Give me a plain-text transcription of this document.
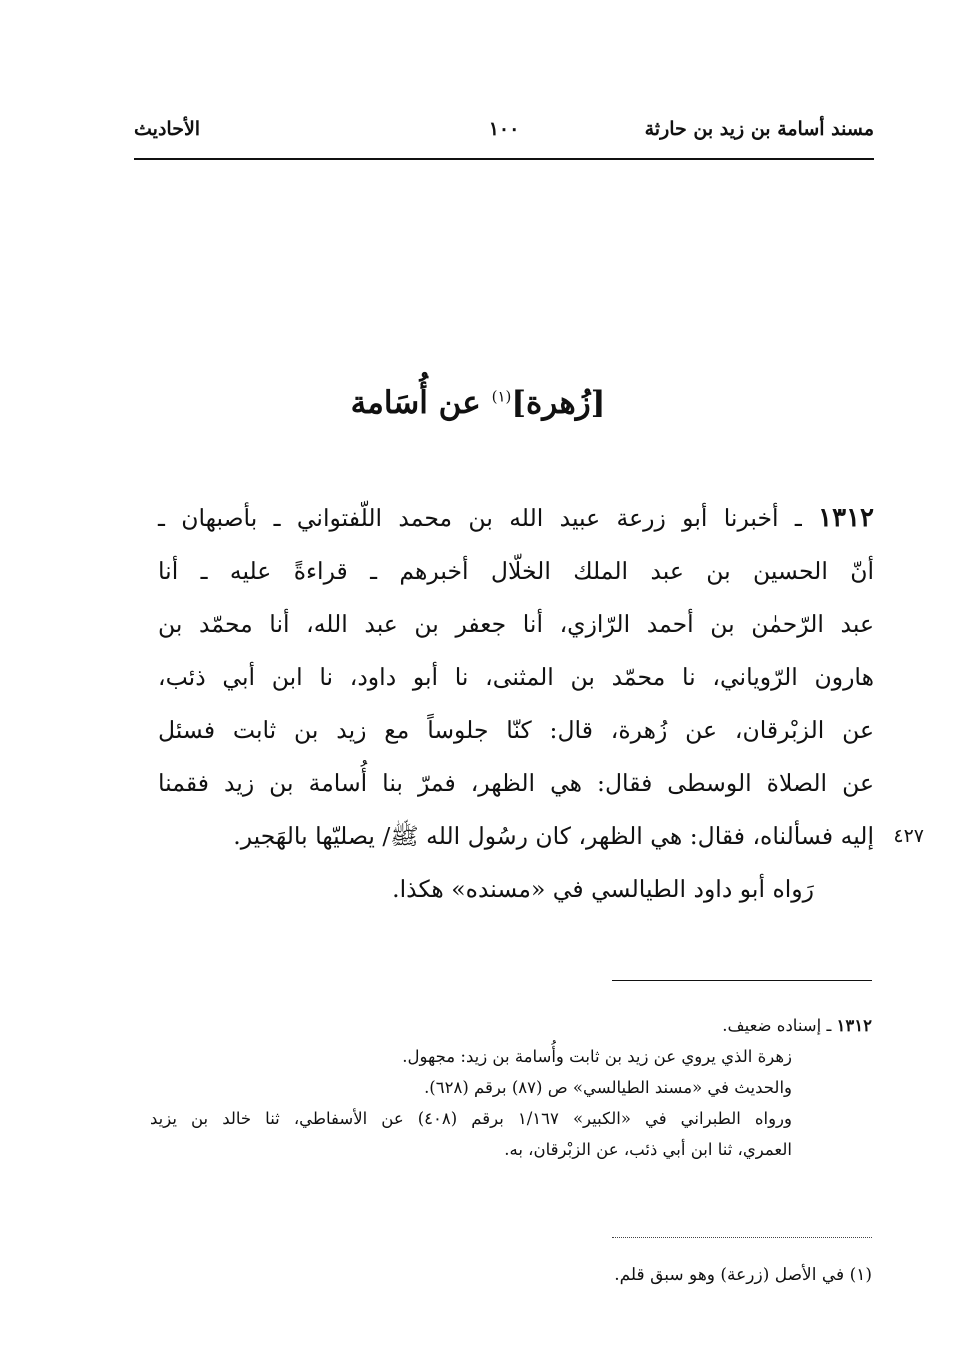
مسند أسامة بن زيد بن حارثة
١٠٠
الأحاديث
[زُهرة]$^{(١)}$ عن أُسَامة
١٣١٢ ـ أخبرنا أبو زرعة عبيد الله بن محمد اللّفتواني ـ بأصبهان ـ
أنّ الحسين بن عبد الملك الخلّال أخبرهم ـ قراءةً عليه ـ أنا
عبد الرّحمٰن بن أحمد الرّازي، أنا جعفر بن عبد الله، أنا محمّد بن
هارون الرّوياني، نا محمّد بن المثنى، نا أبو داود، نا ابن أبي ذئب،
عن الزبْرقان، عن زُهرة، قال: كنّا جلوساً مع زيد بن ثابت فسئل
عن الصلاة الوسطى فقال: هي الظهر، فمرّ بنا أُسامة بن زيد فقمنا
٤٢٧
إليه فسألناه، فقال: هي الظهر، كان رسُول الله ﷺ/ يصليّها بالهَجير.
رَواه أبو داود الطيالسي في «مسنده» هكذا.
١٣١٢ ـ إسناده ضعيف.
زهرة الذي يروي عن زيد بن ثابت وأُسامة بن زيد: مجهول.
والحديث في «مسند الطيالسي» ص (٨٧) برقم (٦٢٨).
ورواه الطبراني في «الكبير» ١/١٦٧ برقم (٤٠٨) عن الأسفاطي، ثنا خالد بن يزيد
العمري، ثنا ابن أبي ذئب، عن الزبْرقان، به.
(١) في الأصل (زرعة) وهو سبق قلم.
